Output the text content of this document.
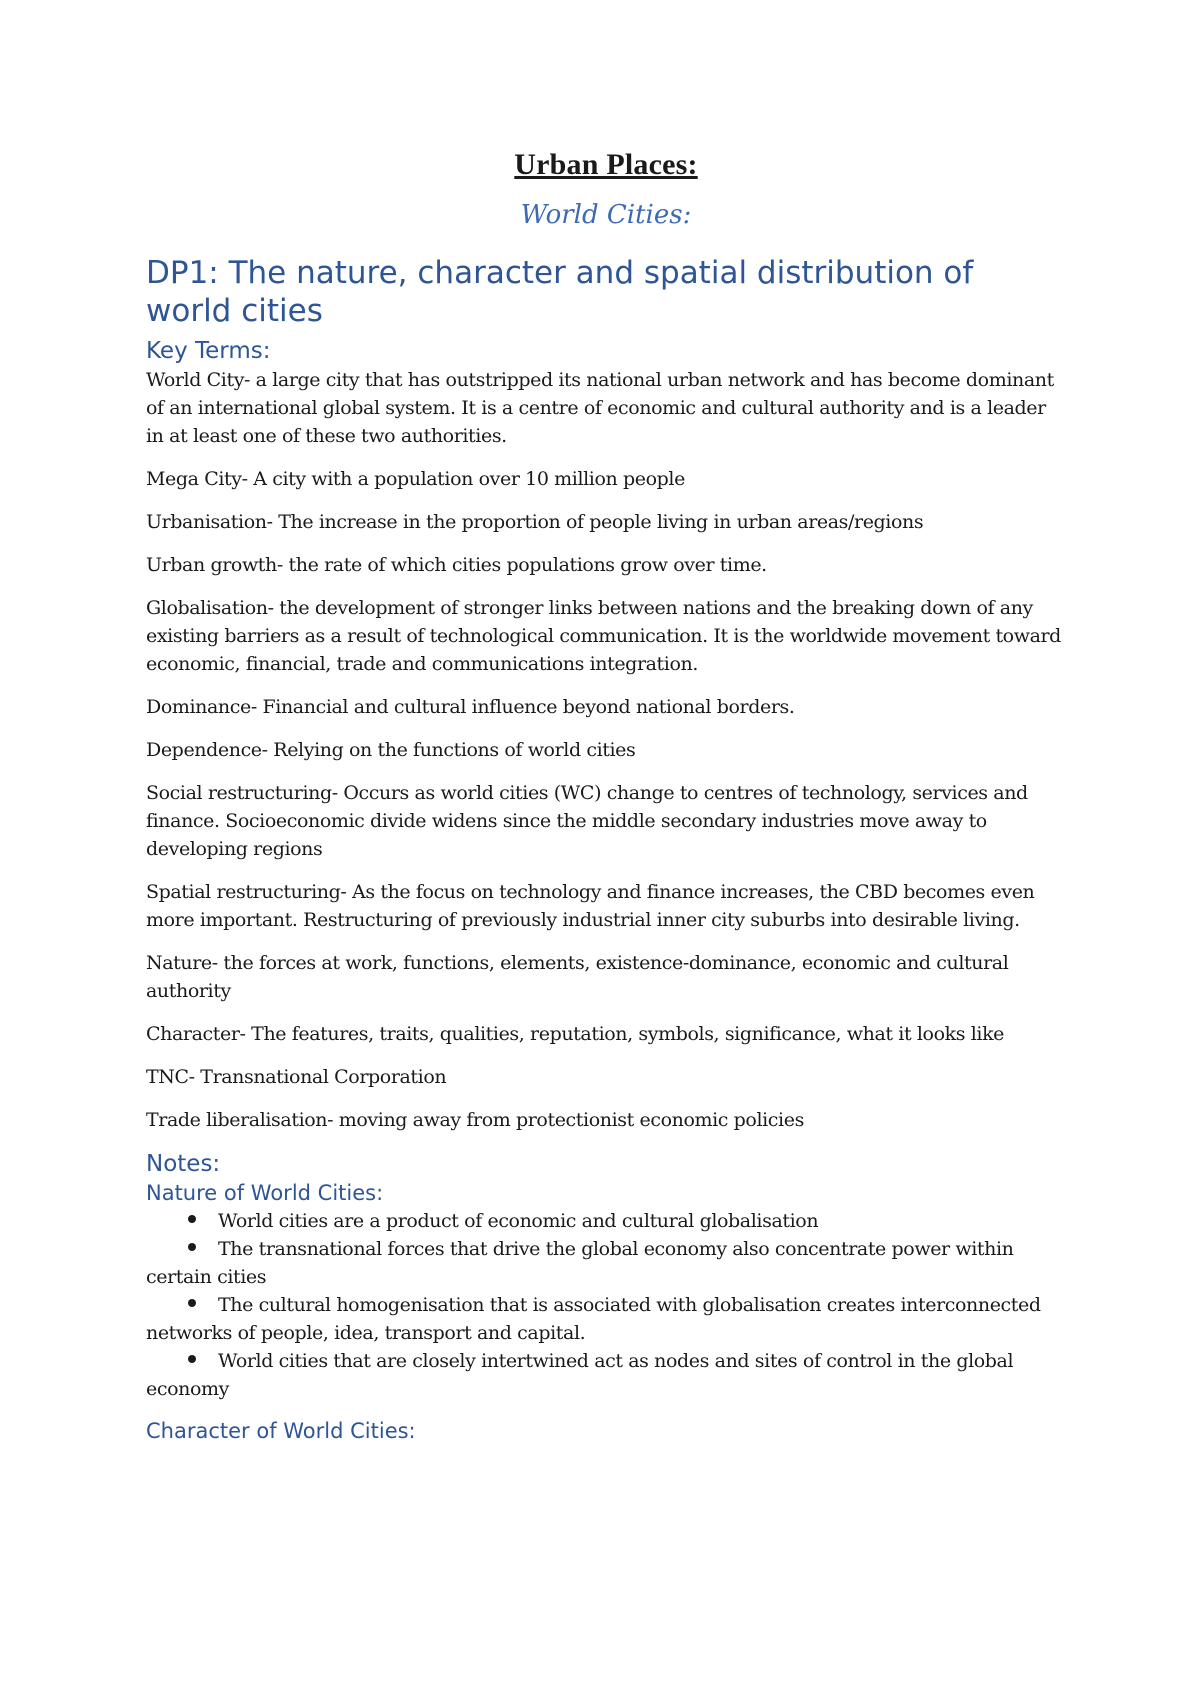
Urban Places:
World Cities:
DP1: The nature, character and spatial distribution of world cities
Key Terms:

World City- a large city that has outstripped its national urban network and has become dominant of an international global system. It is a centre of economic and cultural authority and is a leader in at least one of these two authorities.

Mega City- A city with a population over 10 million people

Urbanisation- The increase in the proportion of people living in urban areas/regions

Urban growth- the rate of which cities populations grow over time.

Globalisation- the development of stronger links between nations and the breaking down of any existing barriers as a result of technological communication. It is the worldwide movement toward economic, financial, trade and communications integration.

Dominance- Financial and cultural influence beyond national borders.

Dependence- Relying on the functions of world cities

Social restructuring- Occurs as world cities (WC) change to centres of technology, services and finance. Socioeconomic divide widens since the middle secondary industries move away to developing regions

Spatial restructuring- As the focus on technology and finance increases, the CBD becomes even more important. Restructuring of previously industrial inner city suburbs into desirable living.

Nature- the forces at work, functions, elements, existence-dominance, economic and cultural authority

Character- The features, traits, qualities, reputation, symbols, significance, what it looks like

TNC- Transnational Corporation

Trade liberalisation- moving away from protectionist economic policies

Notes:
Nature of World Cities:
World cities are a product of economic and cultural globalisation
The transnational forces that drive the global economy also concentrate power within certain cities
The cultural homogenisation that is associated with globalisation creates interconnected networks of people, idea, transport and capital.
World cities that are closely intertwined act as nodes and sites of control in the global economy
Character of World Cities:
